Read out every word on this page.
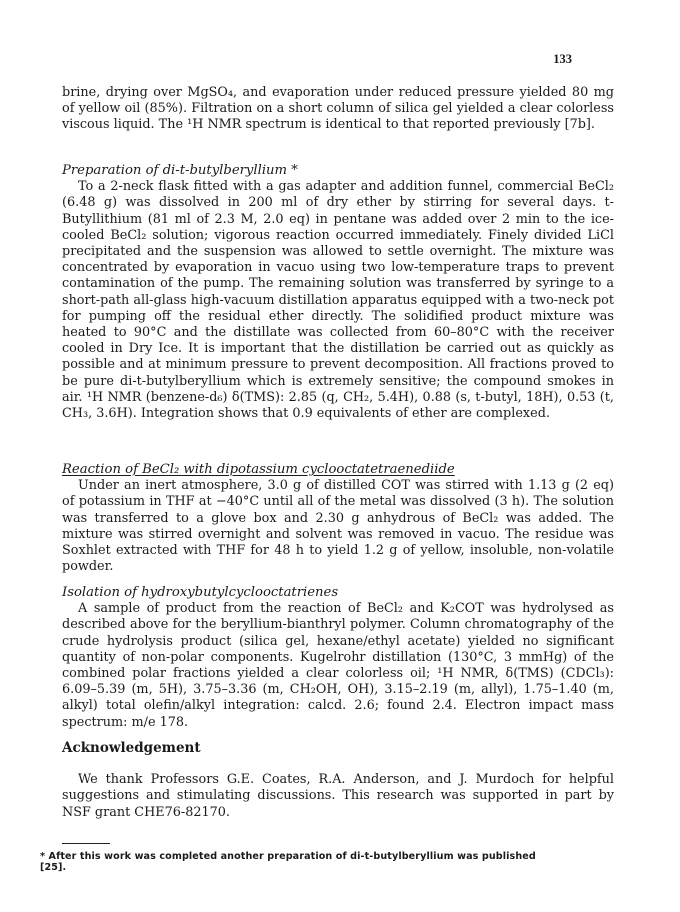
133

brine, drying over MgSO₄, and evaporation under reduced pressure yielded 80 mg of yellow oil (85%). Filtration on a short column of silica gel yielded a clear colorless viscous liquid. The ¹H NMR spectrum is identical to that reported previously [7b].

Preparation of di-t-butylberyllium *

To a 2-neck flask fitted with a gas adapter and addition funnel, commercial BeCl₂ (6.48 g) was dissolved in 200 ml of dry ether by stirring for several days. t-Butyllithium (81 ml of 2.3 M, 2.0 eq) in pentane was added over 2 min to the ice-cooled BeCl₂ solution; vigorous reaction occurred immediately. Finely divided LiCl precipitated and the suspension was allowed to settle overnight. The mixture was concentrated by evaporation in vacuo using two low-temperature traps to prevent contamination of the pump. The remaining solution was transferred by syringe to a short-path all-glass high-vacuum distillation apparatus equipped with a two-neck pot for pumping off the residual ether directly. The solidified product mixture was heated to 90°C and the distillate was collected from 60–80°C with the receiver cooled in Dry Ice. It is important that the distillation be carried out as quickly as possible and at minimum pressure to prevent decomposition. All fractions proved to be pure di-t-butylberyllium which is extremely sensitive; the compound smokes in air. ¹H NMR (benzene-d₆) δ(TMS): 2.85 (q, CH₂, 5.4H), 0.88 (s, t-butyl, 18H), 0.53 (t, CH₃, 3.6H). Integration shows that 0.9 equivalents of ether are complexed.

Reaction of BeCl₂ with dipotassium cyclooctatetraenediide

Under an inert atmosphere, 3.0 g of distilled COT was stirred with 1.13 g (2 eq) of potassium in THF at −40°C until all of the metal was dissolved (3 h). The solution was transferred to a glove box and 2.30 g anhydrous of BeCl₂ was added. The mixture was stirred overnight and solvent was removed in vacuo. The residue was Soxhlet extracted with THF for 48 h to yield 1.2 g of yellow, insoluble, non-volatile powder.

Isolation of hydroxybutylcyclooctatrienes

A sample of product from the reaction of BeCl₂ and K₂COT was hydrolysed as described above for the beryllium-bianthryl polymer. Column chromatography of the crude hydrolysis product (silica gel, hexane/ethyl acetate) yielded no significant quantity of non-polar components. Kugelrohr distillation (130°C, 3 mmHg) of the combined polar fractions yielded a clear colorless oil; ¹H NMR, δ(TMS) (CDCl₃): 6.09–5.39 (m, 5H), 3.75–3.36 (m, CH₂OH, OH), 3.15–2.19 (m, allyl), 1.75–1.40 (m, alkyl) total olefin/alkyl integration: calcd. 2.6; found 2.4. Electron impact mass spectrum: m/e 178.

Acknowledgement

We thank Professors G.E. Coates, R.A. Anderson, and J. Murdoch for helpful suggestions and stimulating discussions. This research was supported in part by NSF grant CHE76-82170.

* After this work was completed another preparation of di-t-butylberyllium was published [25].
